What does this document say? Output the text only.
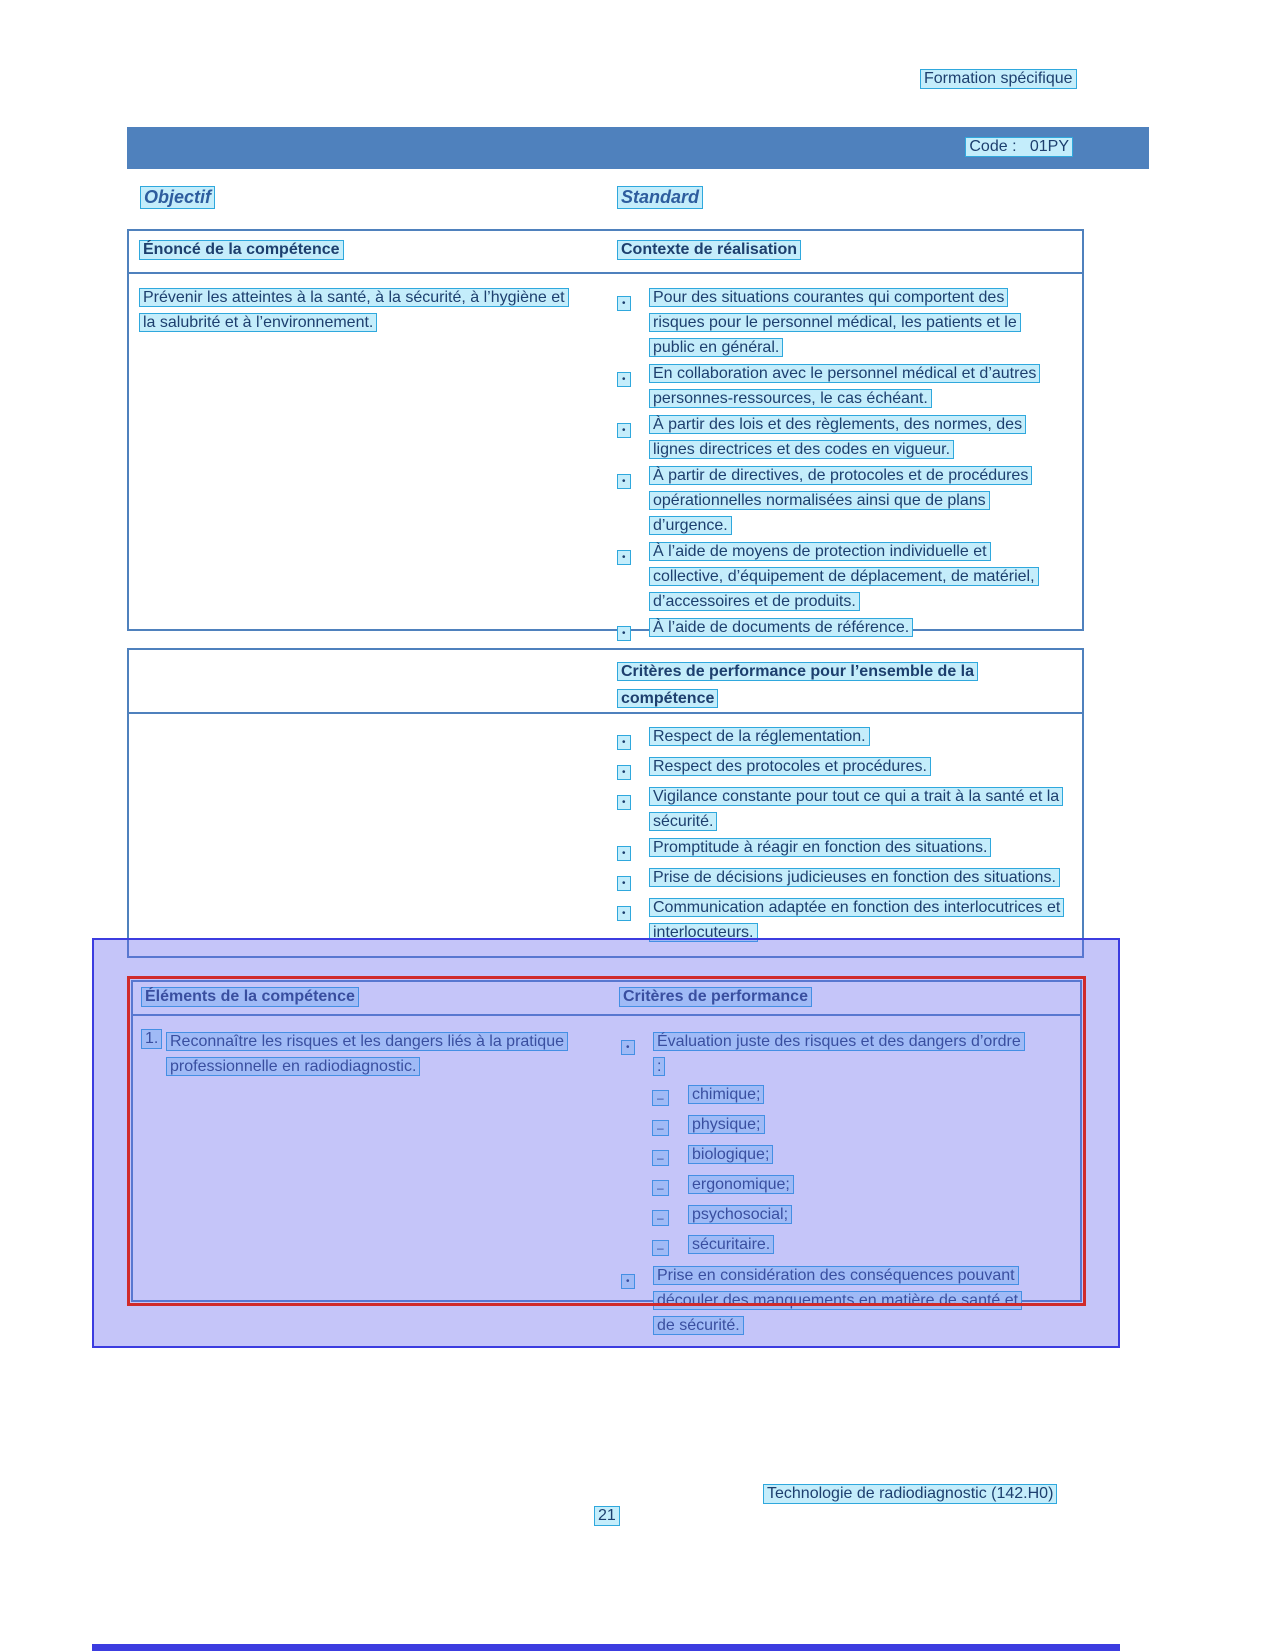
Formation spécifique
Code :   01PY
Objectif	Standard
Énoncé de la compétence	Contexte de réalisation
Prévenir les atteintes à la santé, à la sécurité, à l’hygiène et la salubrité et à l’environnement.
•	Pour des situations courantes qui comportent des risques pour le personnel médical, les patients et le public en général.
•	En collaboration avec le personnel médical et d’autres personnes-ressources, le cas échéant.
•	À partir des lois et des règlements, des normes, des lignes directrices et des codes en vigueur.
•	À partir de directives, de protocoles et de procédures opérationnelles normalisées ainsi que de plans d’urgence.
•	À l’aide de moyens de protection individuelle et collective, d’équipement de déplacement, de matériel, d’accessoires et de produits.
•	À l’aide de documents de référence.
Critères de performance pour l’ensemble de la compétence
•	Respect de la réglementation.
•	Respect des protocoles et procédures.
•	Vigilance constante pour tout ce qui a trait à la santé et la sécurité.
•	Promptitude à réagir en fonction des situations.
•	Prise de décisions judicieuses en fonction des situations.
•	Communication adaptée en fonction des interlocutrices et interlocuteurs.
Éléments de la compétence	Critères de performance
1. Reconnaître les risques et les dangers liés à la pratique professionnelle en radiodiagnostic.
•	Évaluation juste des risques et des dangers d’ordre :
–	chimique;
–	physique;
–	biologique;
–	ergonomique;
–	psychosocial;
–	sécuritaire.
•	Prise en considération des conséquences pouvant découler des manquements en matière de santé et de sécurité.
Technologie de radiodiagnostic (142.H0)
21
